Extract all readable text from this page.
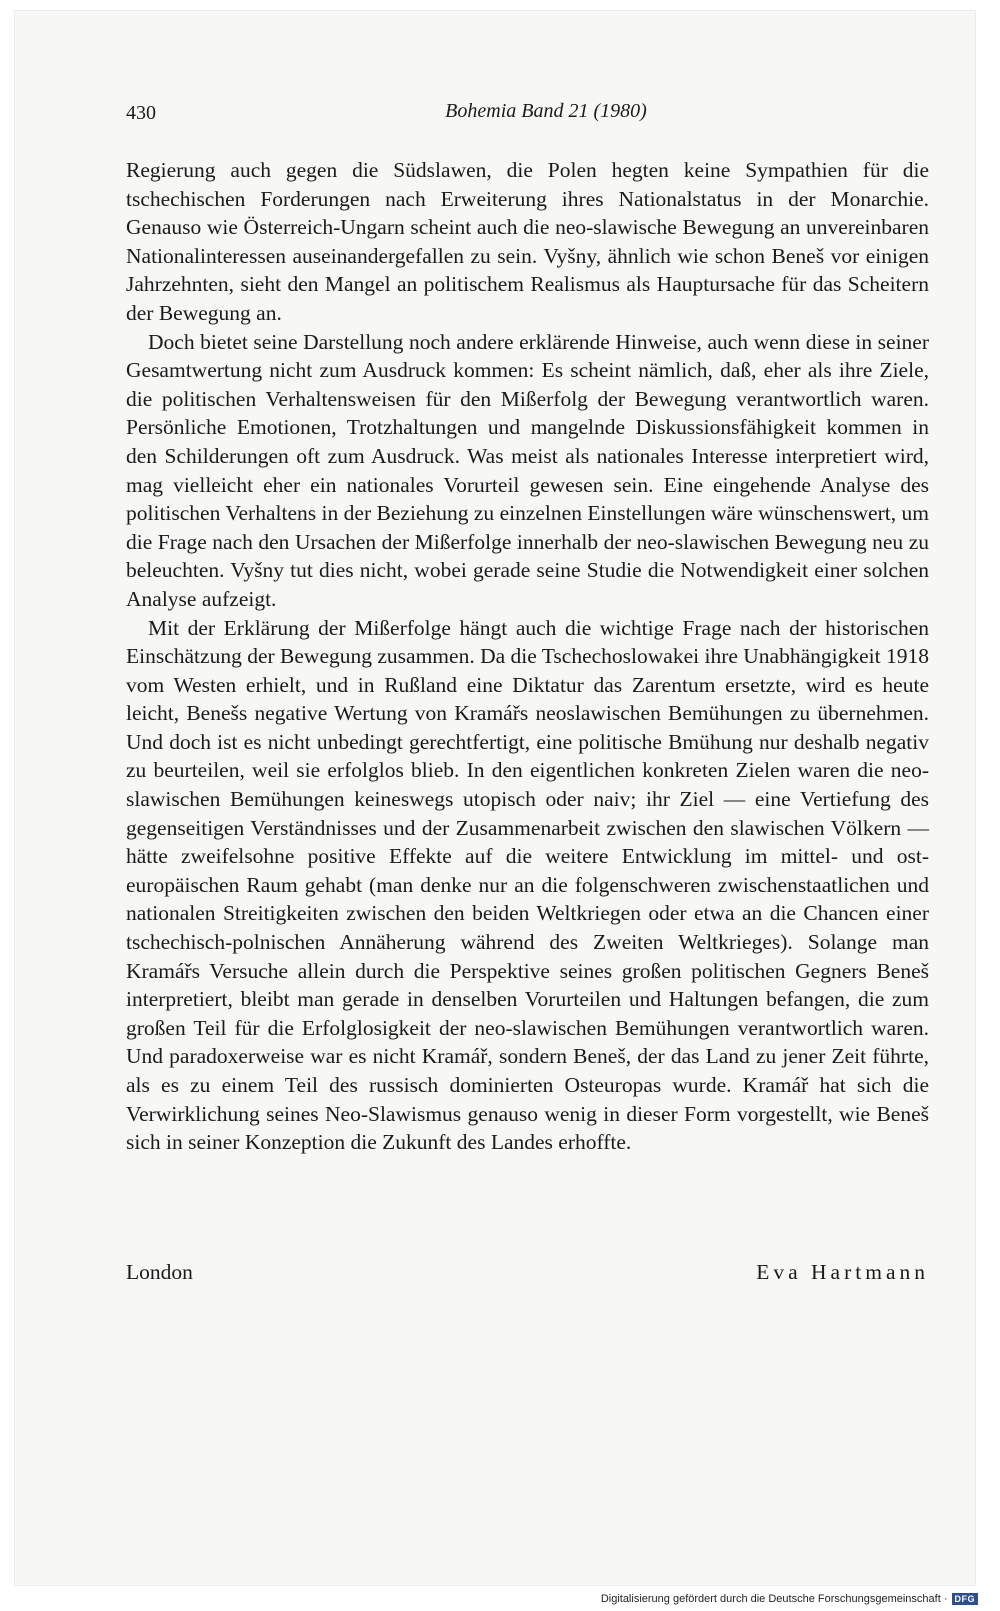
430	Bohemia Band 21 (1980)

Regierung auch gegen die Südslawen, die Polen hegten keine Sympathien für die tschechischen Forderungen nach Erweiterung ihres Nationalstatus in der Monarchie. Genauso wie Österreich-Ungarn scheint auch die neo-slawische Bewegung an unvereinbaren Nationalinteressen auseinandergefallen zu sein. Vyšny, ähnlich wie schon Beneš vor einigen Jahrzehnten, sieht den Mangel an politischem Realismus als Hauptursache für das Scheitern der Bewegung an.

Doch bietet seine Darstellung noch andere erklärende Hinweise, auch wenn diese in seiner Gesamtwertung nicht zum Ausdruck kommen: Es scheint nämlich, daß, eher als ihre Ziele, die politischen Verhaltensweisen für den Mißerfolg der Bewegung verantwortlich waren. Persönliche Emotionen, Trotzhaltungen und mangelnde Diskussionsfähigkeit kommen in den Schilderungen oft zum Ausdruck. Was meist als nationales Interesse interpretiert wird, mag vielleicht eher ein nationales Vorurteil gewesen sein. Eine eingehende Analyse des politischen Verhaltens in der Beziehung zu einzelnen Einstellungen wäre wünschenswert, um die Frage nach den Ursachen der Mißerfolge innerhalb der neo-slawischen Bewegung neu zu beleuchten. Vyšny tut dies nicht, wobei gerade seine Studie die Notwendigkeit einer solchen Analyse aufzeigt.

Mit der Erklärung der Mißerfolge hängt auch die wichtige Frage nach der historischen Einschätzung der Bewegung zusammen. Da die Tschechoslowakei ihre Unabhängigkeit 1918 vom Westen erhielt, und in Rußland eine Diktatur das Zarentum ersetzte, wird es heute leicht, Benešs negative Wertung von Kramářs neoslawischen Bemühungen zu übernehmen. Und doch ist es nicht unbedingt gerechtfertigt, eine politische Bmühung nur deshalb negativ zu beurteilen, weil sie erfolglos blieb. In den eigentlichen konkreten Zielen waren die neo-slawischen Bemühungen keineswegs utopisch oder naiv; ihr Ziel — eine Vertiefung des gegenseitigen Verständnisses und der Zusammenarbeit zwischen den slawischen Völkern — hätte zweifelsohne positive Effekte auf die weitere Entwicklung im mittel- und osteuropäischen Raum gehabt (man denke nur an die folgenschweren zwischenstaatlichen und nationalen Streitigkeiten zwischen den beiden Weltkriegen oder etwa an die Chancen einer tschechisch-polnischen Annäherung während des Zweiten Weltkrieges). Solange man Kramářs Versuche allein durch die Perspektive seines großen politischen Gegners Beneš interpretiert, bleibt man gerade in denselben Vorurteilen und Haltungen befangen, die zum großen Teil für die Erfolglosigkeit der neo-slawischen Bemühungen verantwortlich waren. Und paradoxerweise war es nicht Kramář, sondern Beneš, der das Land zu jener Zeit führte, als es zu einem Teil des russisch dominierten Osteuropas wurde. Kramář hat sich die Verwirklichung seines Neo-Slawismus genauso wenig in dieser Form vorgestellt, wie Beneš sich in seiner Konzeption die Zukunft des Landes erhoffte.

London	Eva Hartmann
Digitalisierung gefördert durch die Deutsche Forschungsgemeinschaft · DFG
